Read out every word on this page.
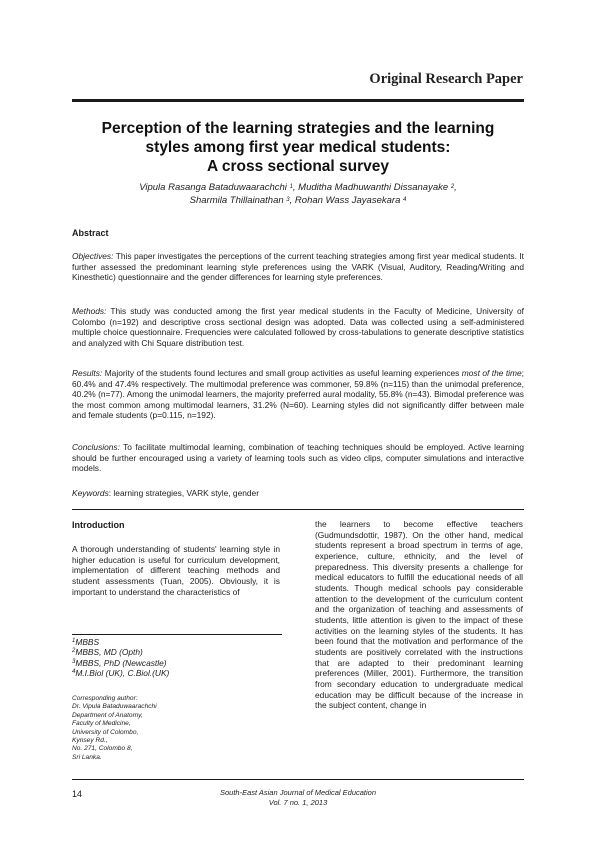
Original Research Paper
Perception of the learning strategies and the learning
styles among first year medical students:
A cross sectional survey
Vipula Rasanga Bataduwaarachchi $^1$, Muditha Madhuwanthi Dissanayake $^2$,
Sharmila Thillainathan $^3$, Rohan Wass Jayasekara $^4$
Abstract
Objectives: This paper investigates the perceptions of the current teaching strategies among first year medical students. It further assessed the predominant learning style preferences using the VARK (Visual, Auditory, Reading/Writing and Kinesthetic) questionnaire and the gender differences for learning style preferences.
Methods: This study was conducted among the first year medical students in the Faculty of Medicine, University of Colombo (n=192) and descriptive cross sectional design was adopted. Data was collected using a self-administered multiple choice questionnaire. Frequencies were calculated followed by cross-tabulations to generate descriptive statistics and analyzed with Chi Square distribution test.
Results: Majority of the students found lectures and small group activities as useful learning experiences most of the time; 60.4% and 47.4% respectively. The multimodal preference was commoner, 59.8% (n=115) than the unimodal preference, 40.2% (n=77). Among the unimodal learners, the majority preferred aural modality, 55.8% (n=43). Bimodal preference was the most common among multimodal learners, 31.2% (N=60). Learning styles did not significantly differ between male and female students (p=0.115, n=192).
Conclusions: To facilitate multimodal learning, combination of teaching techniques should be employed. Active learning should be further encouraged using a variety of learning tools such as video clips, computer simulations and interactive models.
Keywords: learning strategies, VARK style, gender
Introduction
A thorough understanding of students' learning style in higher education is useful for curriculum development, implementation of different teaching methods and student assessments (Tuan, 2005). Obviously, it is important to understand the characteristics of
the learners to become effective teachers (Gudmundsdottir, 1987). On the other hand, medical students represent a broad spectrum in terms of age, experience, culture, ethnicity, and the level of preparedness. This diversity presents a challenge for medical educators to fulfill the educational needs of all students. Though medical schools pay considerable attention to the development of the curriculum content and the organization of teaching and assessments of students, little attention is given to the impact of these activities on the learning styles of the students. It has been found that the motivation and performance of the students are positively correlated with the instructions that are adapted to their predominant learning preferences (Miller, 2001). Furthermore, the transition from secondary education to undergraduate medical education may be difficult because of the increase in the subject content, change in
$^1$MBBS
$^2$MBBS, MD (Opth)
$^3$MBBS, PhD (Newcastle)
$^4$M.I.Biol (UK), C.Biol.(UK)
Corresponding author:
Dr. Vipula Bataduwaarachchi
Department of Anatomy,
Faculty of Medicine,
University of Colombo,
Kynsey Rd.,
No. 271, Colombo 8,
Sri Lanka.
14	South-East Asian Journal of Medical Education
Vol. 7 no. 1, 2013
